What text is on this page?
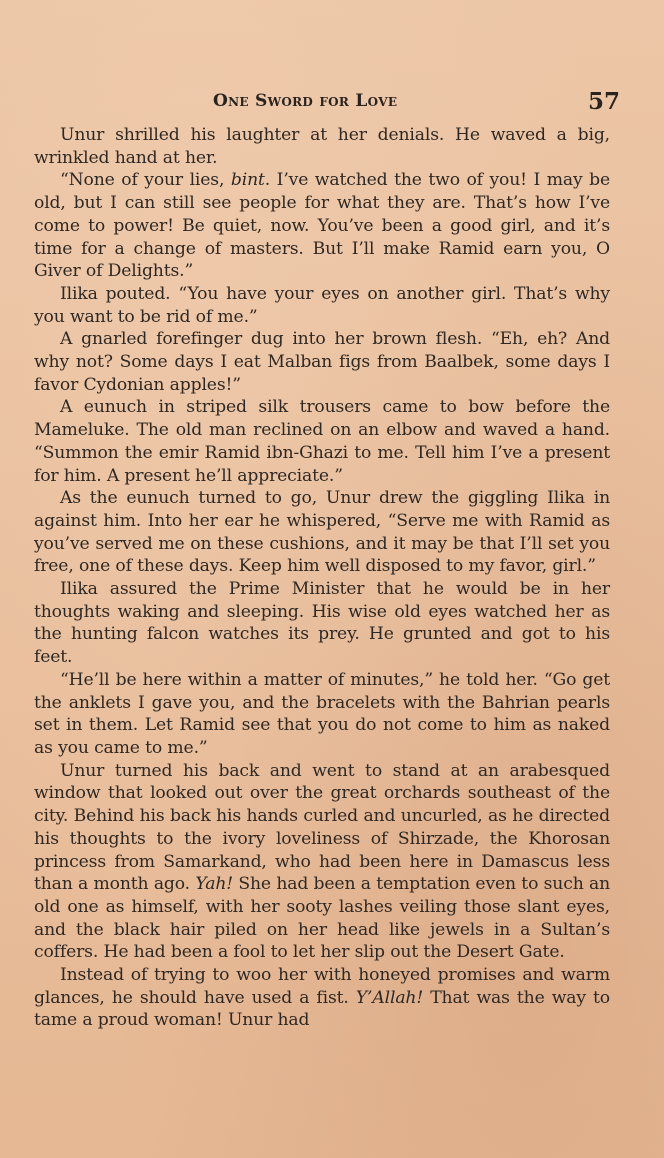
One Sword for Love	57

Unur shrilled his laughter at her denials. He waved a big, wrinkled hand at her.

“None of your lies, bint. I’ve watched the two of you! I may be old, but I can still see people for what they are. That’s how I’ve come to power! Be quiet, now. You’ve been a good girl, and it’s time for a change of masters. But I’ll make Ramid earn you, O Giver of Delights.”

Ilika pouted. “You have your eyes on another girl. That’s why you want to be rid of me.”

A gnarled forefinger dug into her brown flesh. “Eh, eh? And why not? Some days I eat Malban figs from Baalbek, some days I favor Cydonian apples!”

A eunuch in striped silk trousers came to bow before the Mameluke. The old man reclined on an elbow and waved a hand. “Summon the emir Ramid ibn-Ghazi to me. Tell him I’ve a present for him. A present he’ll appreciate.”

As the eunuch turned to go, Unur drew the giggling Ilika in against him. Into her ear he whispered, “Serve me with Ramid as you’ve served me on these cushions, and it may be that I’ll set you free, one of these days. Keep him well disposed to my favor, girl.”

Ilika assured the Prime Minister that he would be in her thoughts waking and sleeping. His wise old eyes watched her as the hunting falcon watches its prey. He grunted and got to his feet.

“He’ll be here within a matter of minutes,” he told her. “Go get the anklets I gave you, and the bracelets with the Bahrian pearls set in them. Let Ramid see that you do not come to him as naked as you came to me.”

Unur turned his back and went to stand at an arabesqued window that looked out over the great orchards southeast of the city. Behind his back his hands curled and uncurled, as he directed his thoughts to the ivory loveliness of Shirzade, the Khorosan princess from Samarkand, who had been here in Damascus less than a month ago. Yah! She had been a temptation even to such an old one as himself, with her sooty lashes veiling those slant eyes, and the black hair piled on her head like jewels in a Sultan’s coffers. He had been a fool to let her slip out the Desert Gate.

Instead of trying to woo her with honeyed promises and warm glances, he should have used a fist. Y’Allah! That was the way to tame a proud woman! Unur had
